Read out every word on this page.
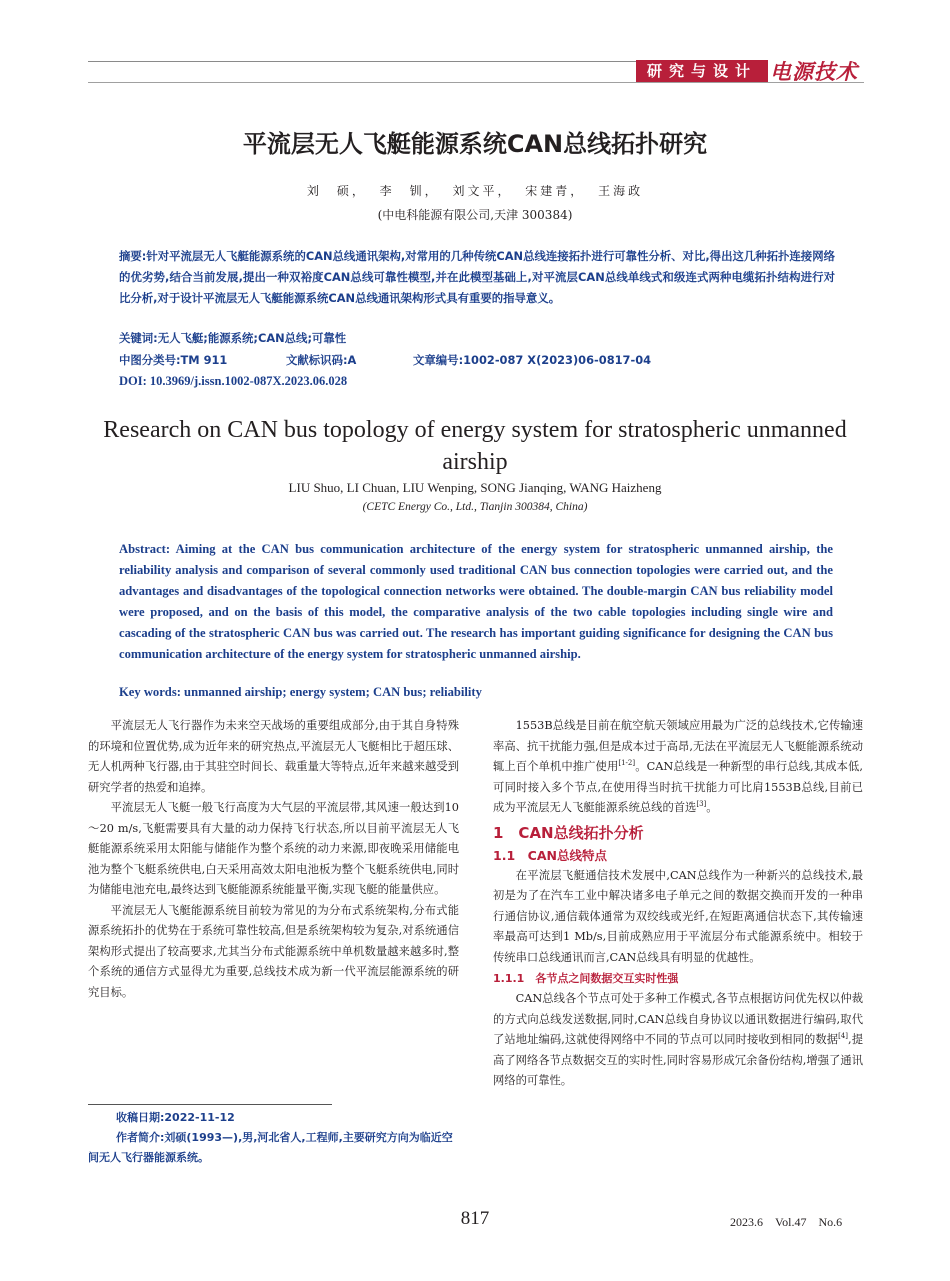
研究与设计 电源技术
平流层无人飞艇能源系统CAN总线拓扑研究
刘　硕， 李　钏， 刘文平， 宋建青， 王海政
(中电科能源有限公司,天津 300384)
摘要:针对平流层无人飞艇能源系统的CAN总线通讯架构,对常用的几种传统CAN总线连接拓扑进行可靠性分析、对比,得出这几种拓扑连接网络的优劣势,结合当前发展,提出一种双裕度CAN总线可靠性模型,并在此模型基础上,对平流层CAN总线单线式和级连式两种电缆拓扑结构进行对比分析,对于设计平流层无人飞艇能源系统CAN总线通讯架构形式具有重要的指导意义。
关键词:无人飞艇;能源系统;CAN总线;可靠性
中图分类号:TM 911	文献标识码:A	文章编号:1002-087 X(2023)06-0817-04
DOI: 10.3969/j.issn.1002-087X.2023.06.028
Research on CAN bus topology of energy system for stratospheric unmanned airship
LIU Shuo, LI Chuan, LIU Wenping, SONG Jianqing, WANG Haizheng
(CETC Energy Co., Ltd., Tianjin 300384, China)
Abstract: Aiming at the CAN bus communication architecture of the energy system for stratospheric unmanned airship, the reliability analysis and comparison of several commonly used traditional CAN bus connection topologies were carried out, and the advantages and disadvantages of the topological connection networks were obtained. The double-margin CAN bus reliability model were proposed, and on the basis of this model, the comparative analysis of the two cable topologies including single wire and cascading of the stratospheric CAN bus was carried out. The research has important guiding significance for designing the CAN bus communication architecture of the energy system for stratospheric unmanned airship.
Key words: unmanned airship; energy system; CAN bus; reliability

平流层无人飞行器作为未来空天战场的重要组成部分,由于其自身特殊的环境和位置优势,成为近年来的研究热点,平流层无人飞艇相比于超压球、无人机两种飞行器,由于其驻空时间长、载重量大等特点,近年来越来越受到研究学者的热爱和追捧。

平流层无人飞艇一般飞行高度为大气层的平流层带,其风速一般达到10～20 m/s,飞艇需要具有大量的动力保持飞行状态,所以目前平流层无人飞艇能源系统采用太阳能与储能作为整个系统的动力来源,即夜晚采用储能电池为整个飞艇系统供电,白天采用高效太阳电池板为整个飞艇系统供电,同时为储能电池充电,最终达到飞艇能源系统能量平衡,实现飞艇的能量供应。

平流层无人飞艇能源系统目前较为常见的为分布式系统架构,分布式能源系统拓扑的优势在于系统可靠性较高,但是系统架构较为复杂,对系统通信架构形式提出了较高要求,尤其当分布式能源系统中单机数量越来越多时,整个系统的通信方式显得尤为重要,总线技术成为新一代平流层能源系统的研究目标。

收稿日期:2022-11-12

作者简介:刘硕(1993—),男,河北省人,工程师,主要研究方向为临近空间无人飞行器能源系统。

1553B总线是目前在航空航天领域应用最为广泛的总线技术,它传输速率高、抗干扰能力强,但是成本过于高昂,无法在平流层无人飞艇能源系统动辄上百个单机中推广使用[1-2]。CAN总线是一种新型的串行总线,其成本低,可同时接入多个节点,在使用得当时抗干扰能力可比肩1553B总线,目前已成为平流层无人飞艇能源系统总线的首选[3]。

1　CAN总线拓扑分析

1.1　CAN总线特点

在平流层飞艇通信技术发展中,CAN总线作为一种新兴的总线技术,最初是为了在汽车工业中解决诸多电子单元之间的数据交换而开发的一种串行通信协议,通信载体通常为双绞线或光纤,在短距离通信状态下,其传输速率最高可达到1 Mb/s,目前成熟应用于平流层分布式能源系统中。相较于传统串口总线通讯而言,CAN总线具有明显的优越性。

1.1.1　各节点之间数据交互实时性强

CAN总线各个节点可处于多种工作模式,各节点根据访问优先权以仲裁的方式向总线发送数据,同时,CAN总线自身协议以通讯数据进行编码,取代了站地址编码,这就使得网络中不同的节点可以同时接收到相同的数据[4],提高了网络各节点数据交互的实时性,同时容易形成冗余备份结构,增强了通讯网络的可靠性。

817	2023.6　Vol.47　No.6
